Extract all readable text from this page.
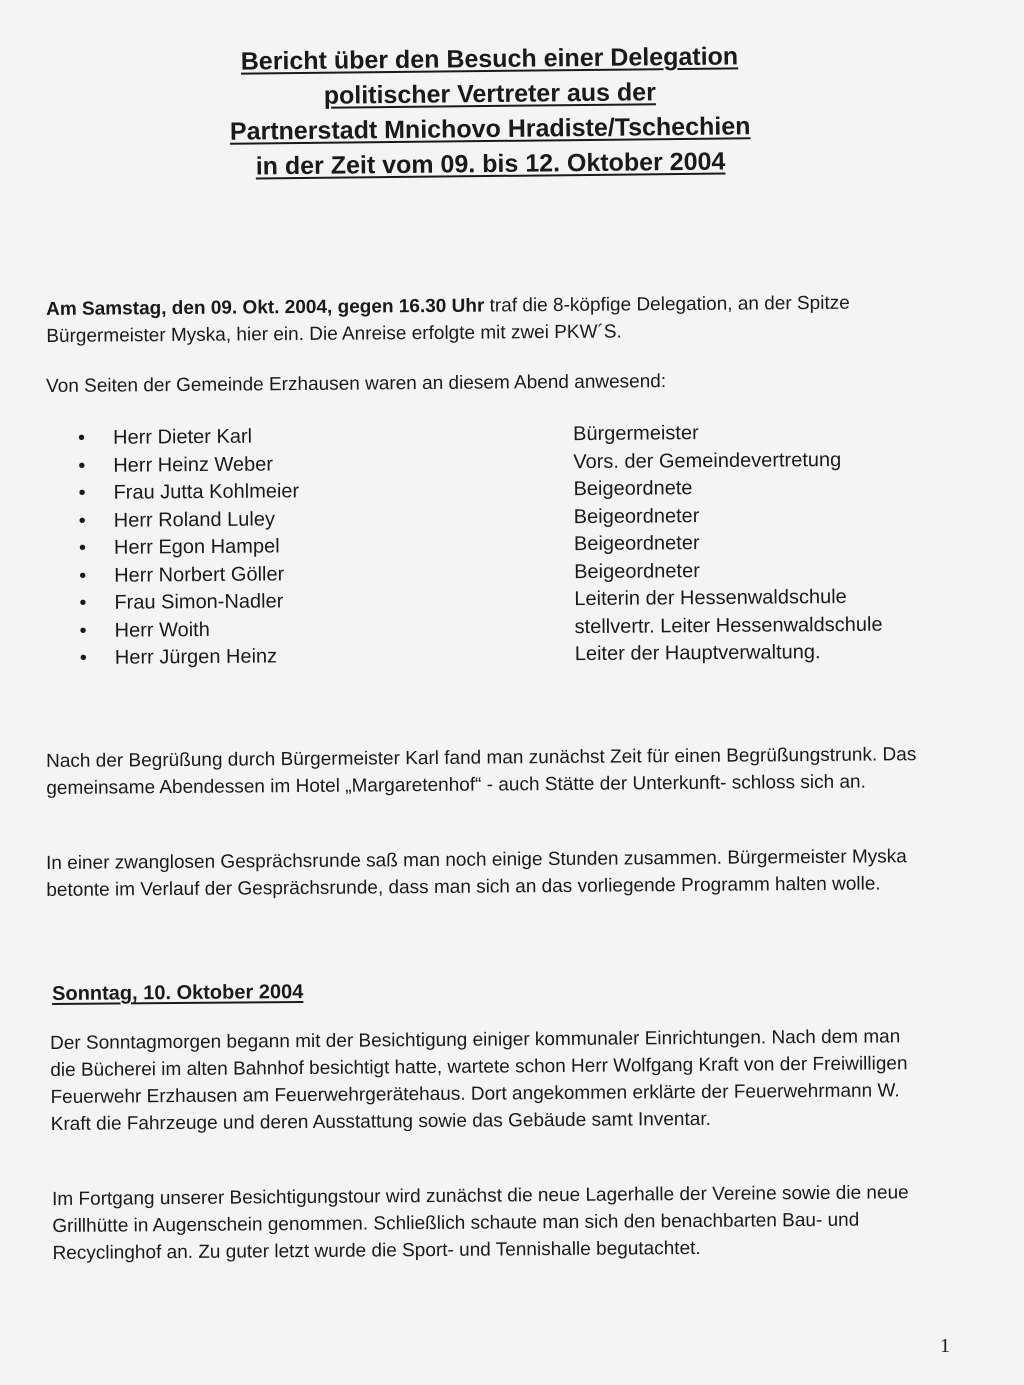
Bericht über den Besuch einer Delegation
politischer Vertreter aus der
Partnerstadt Mnichovo Hradiste/Tschechien
in der Zeit vom 09. bis 12. Oktober 2004

Am Samstag, den 09. Okt. 2004, gegen 16.30 Uhr traf die 8-köpfige Delegation, an der Spitze Bürgermeister Myska, hier ein. Die Anreise erfolgte mit zwei PKW´S.

Von Seiten der Gemeinde Erzhausen waren an diesem Abend anwesend:

•	Herr Dieter Karl	Bürgermeister
•	Herr Heinz Weber	Vors. der Gemeindevertretung
•	Frau Jutta Kohlmeier	Beigeordnete
•	Herr Roland Luley	Beigeordneter
•	Herr Egon Hampel	Beigeordneter
•	Herr Norbert Göller	Beigeordneter
•	Frau Simon-Nadler	Leiterin der Hessenwaldschule
•	Herr Woith	stellvertr. Leiter Hessenwaldschule
•	Herr Jürgen Heinz	Leiter der Hauptverwaltung.

Nach der Begrüßung durch Bürgermeister Karl fand man zunächst Zeit für einen Begrüßungstrunk. Das gemeinsame Abendessen im Hotel „Margaretenhof“ - auch Stätte der Unterkunft- schloss sich an.

In einer zwanglosen Gesprächsrunde saß man noch einige Stunden zusammen. Bürgermeister Myska betonte im Verlauf der Gesprächsrunde, dass man sich an das vorliegende Programm halten wolle.

Sonntag, 10. Oktober 2004

Der Sonntagmorgen begann mit der Besichtigung einiger kommunaler Einrichtungen. Nach dem man die Bücherei im alten Bahnhof besichtigt hatte, wartete schon Herr Wolfgang Kraft von der Freiwilligen Feuerwehr Erzhausen am Feuerwehrgerätehaus. Dort angekommen erklärte der Feuerwehrmann W. Kraft die Fahrzeuge und deren Ausstattung sowie das Gebäude samt Inventar.

Im Fortgang unserer Besichtigungstour wird zunächst die neue Lagerhalle der Vereine sowie die neue Grillhütte in Augenschein genommen. Schließlich schaute man sich den benachbarten Bau- und Recyclinghof an. Zu guter letzt wurde die Sport- und Tennishalle begutachtet.

1
